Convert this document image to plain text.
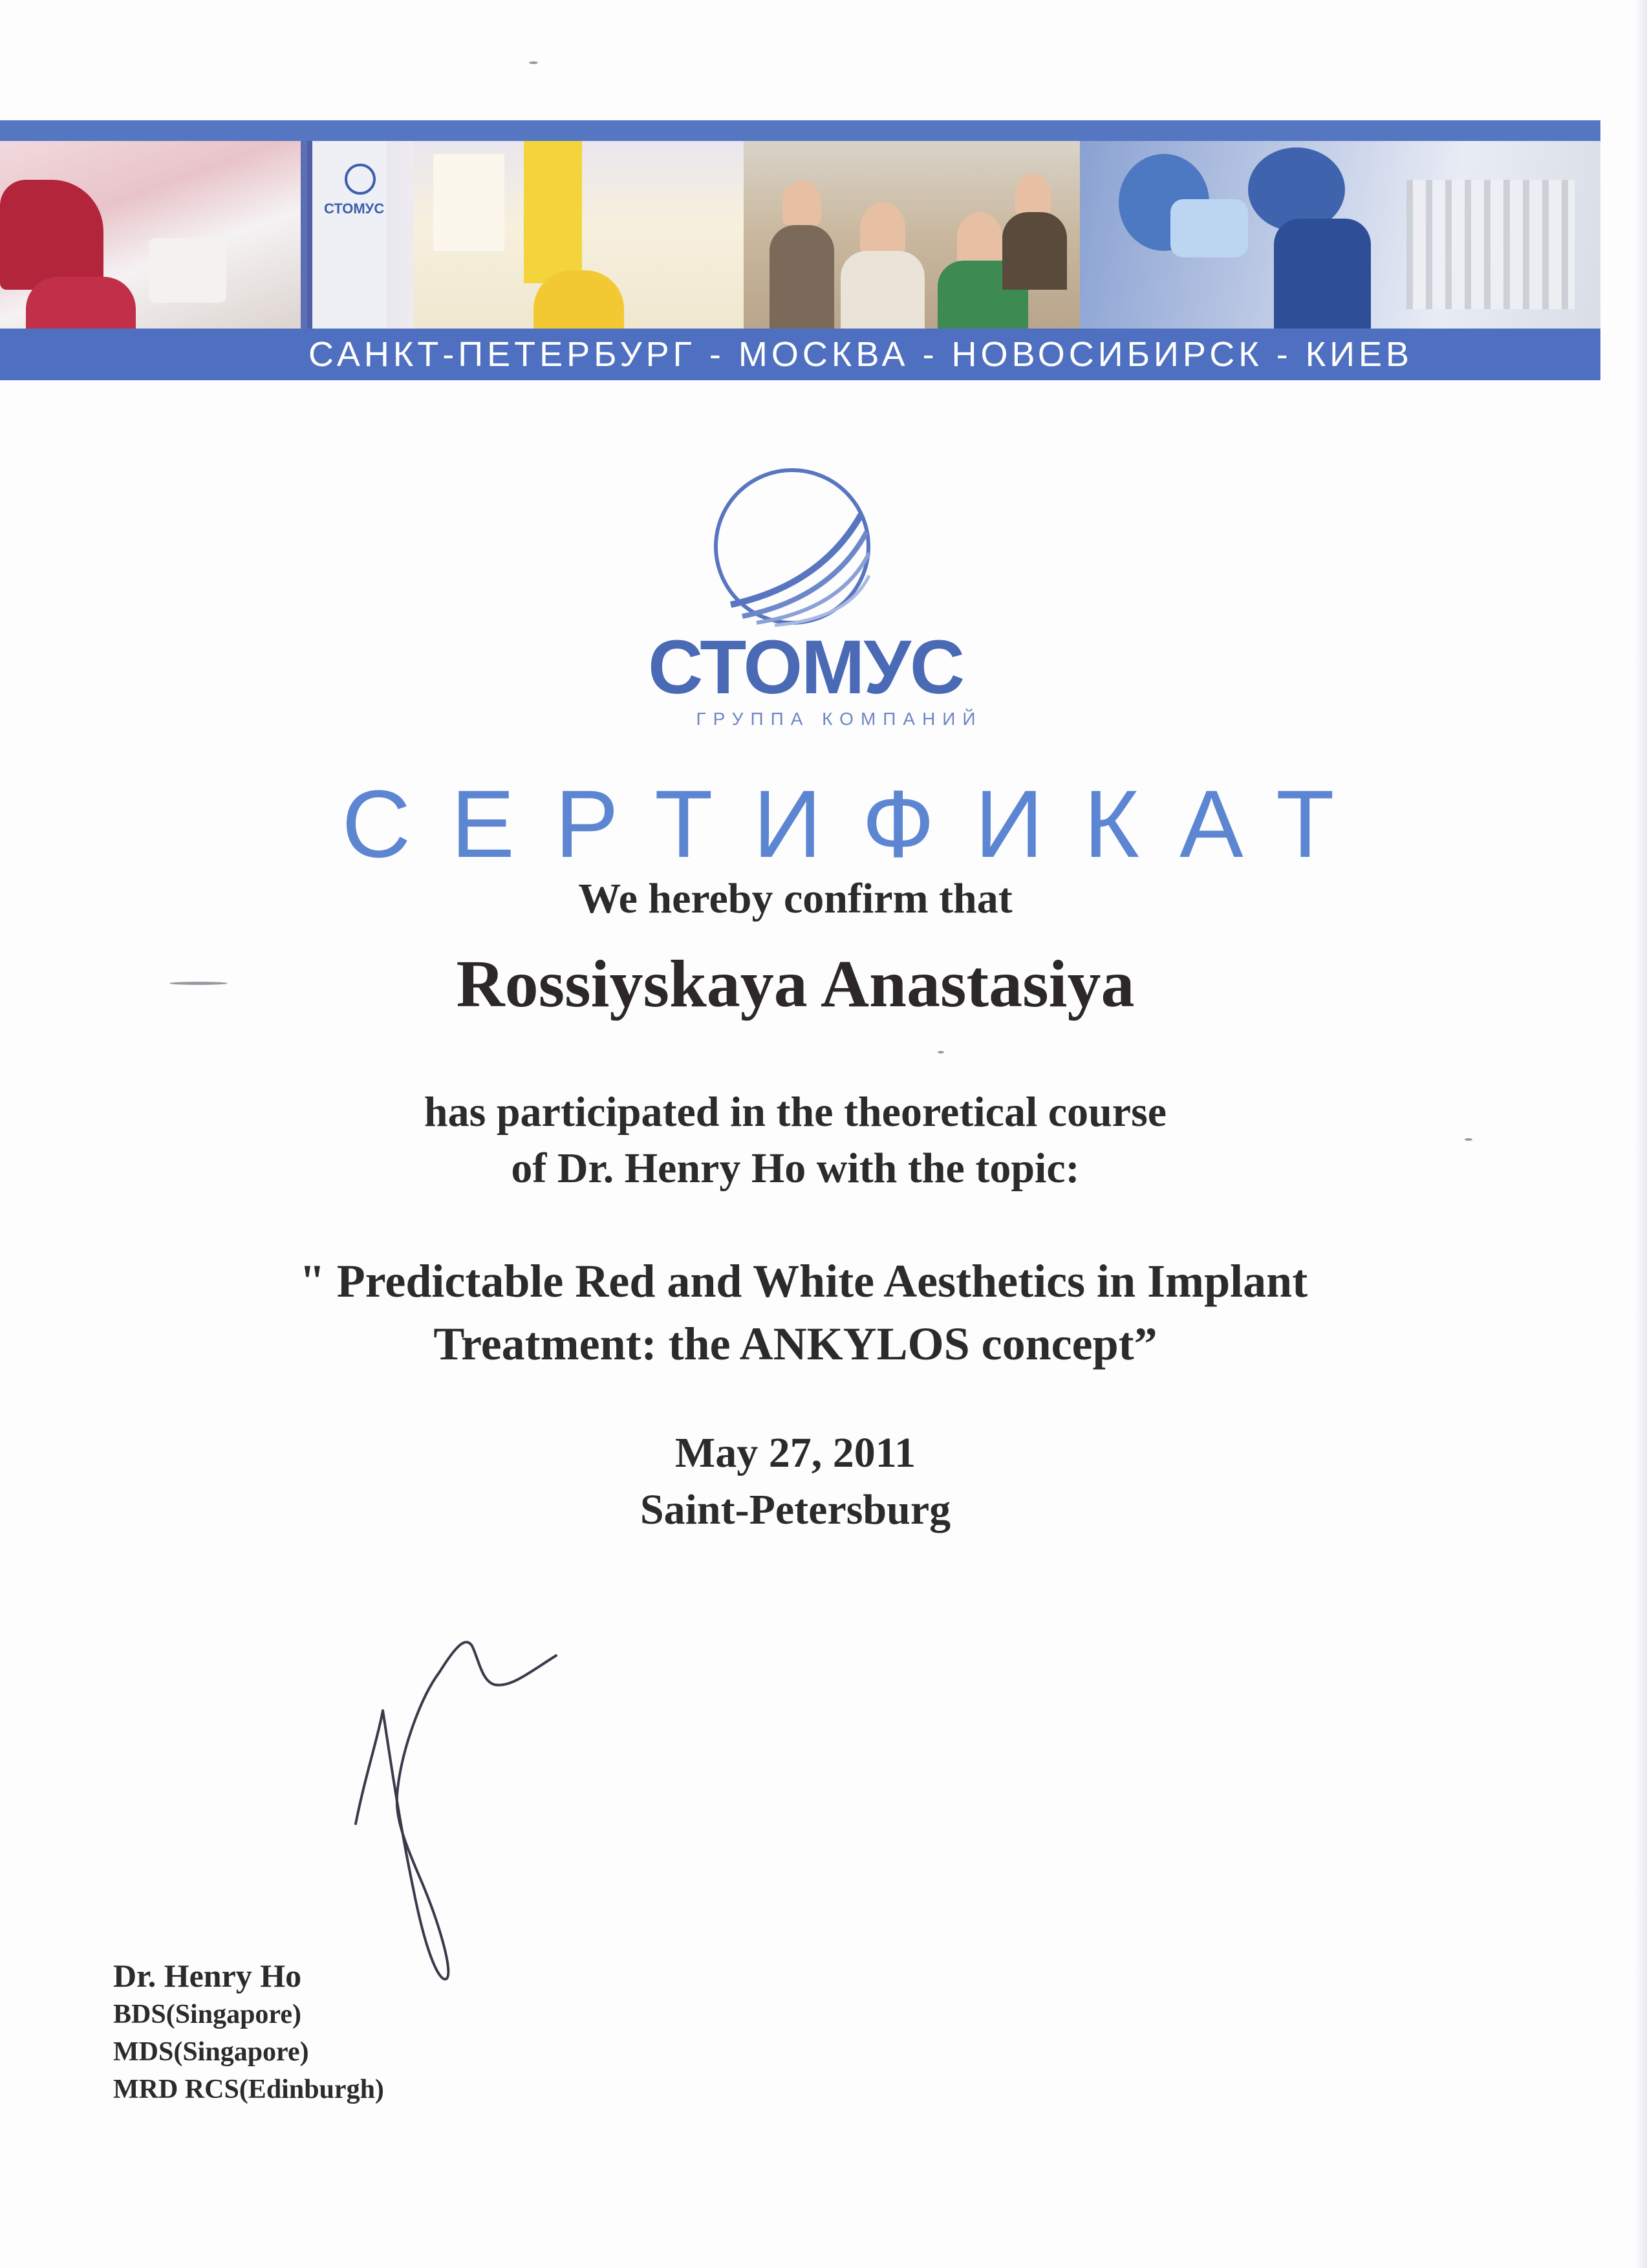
СТОМУС
САНКТ-ПЕТЕРБУРГ - МОСКВА - НОВОСИБИРСК - КИЕВ
СТОМУС
ГРУППА КОМПАНИЙ
СЕРТИФИКАТ
We hereby confirm that
Rossiyskaya Anastasiya
has participated in the theoretical course
of Dr. Henry Ho with the topic:
" Predictable Red and White Aesthetics in Implant
Treatment: the ANKYLOS concept”
May 27, 2011
Saint-Petersburg
Dr. Henry Ho
BDS(Singapore)
MDS(Singapore)
MRD RCS(Edinburgh)
